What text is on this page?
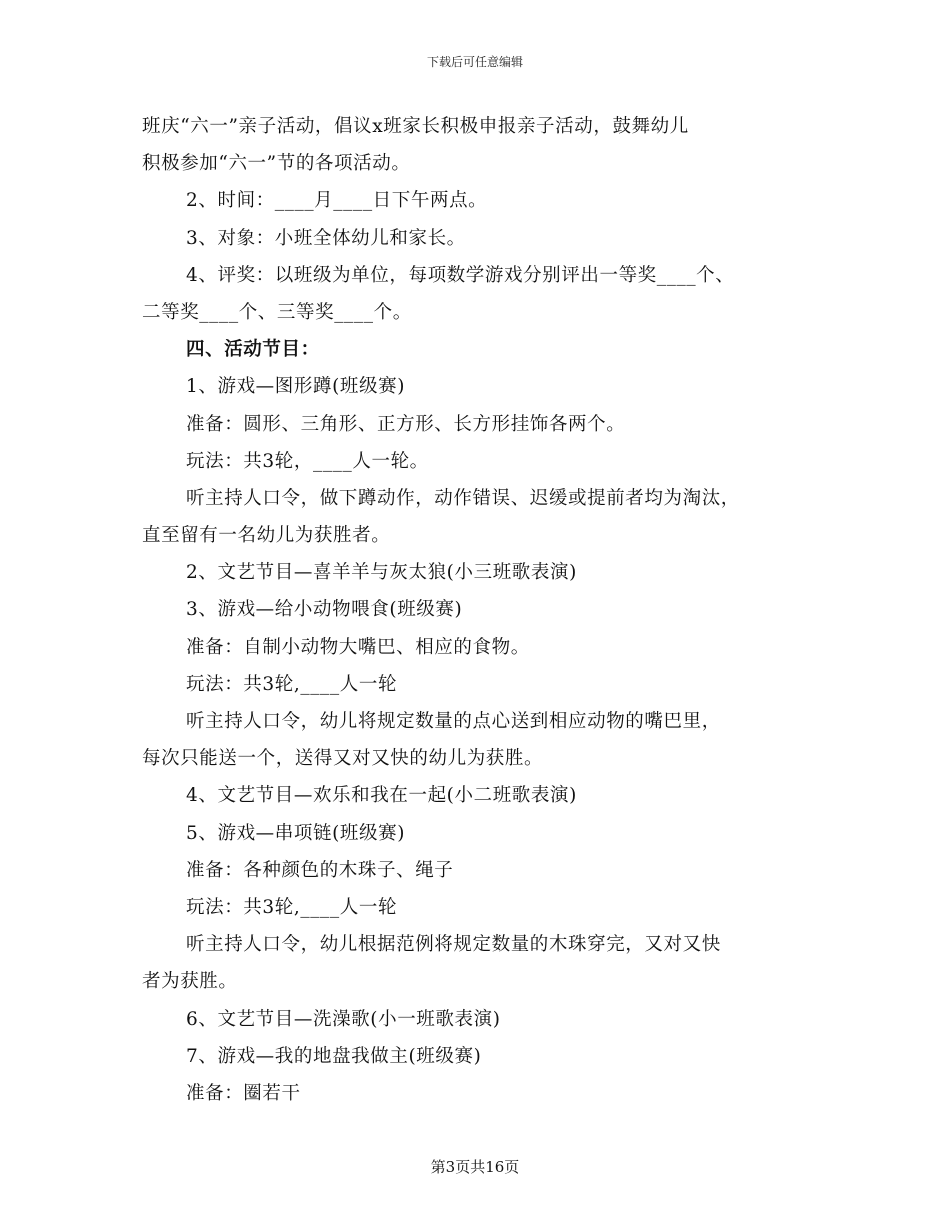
下载后可任意编辑
班庆“六一”亲子活动，倡议x班家长积极申报亲子活动，鼓舞幼儿
积极参加“六一”节的各项活动。
2、时间：____月____日下午两点。
3、对象：小班全体幼儿和家长。
4、评奖：以班级为单位，每项数学游戏分别评出一等奖____个、
二等奖____个、三等奖____个。
四、活动节目：
1、游戏—图形蹲(班级赛)
准备：圆形、三角形、正方形、长方形挂饰各两个。
玩法：共3轮，____人一轮。
听主持人口令，做下蹲动作，动作错误、迟缓或提前者均为淘汰，
直至留有一名幼儿为获胜者。
2、文艺节目—喜羊羊与灰太狼(小三班歌表演)
3、游戏—给小动物喂食(班级赛)
准备：自制小动物大嘴巴、相应的食物。
玩法：共3轮,____人一轮
听主持人口令，幼儿将规定数量的点心送到相应动物的嘴巴里，
每次只能送一个，送得又对又快的幼儿为获胜。
4、文艺节目—欢乐和我在一起(小二班歌表演)
5、游戏—串项链(班级赛)
准备：各种颜色的木珠子、绳子
玩法：共3轮,____人一轮
听主持人口令，幼儿根据范例将规定数量的木珠穿完，又对又快
者为获胜。
6、文艺节目—洗澡歌(小一班歌表演)
7、游戏—我的地盘我做主(班级赛)
准备：圈若干
第3页共16页
